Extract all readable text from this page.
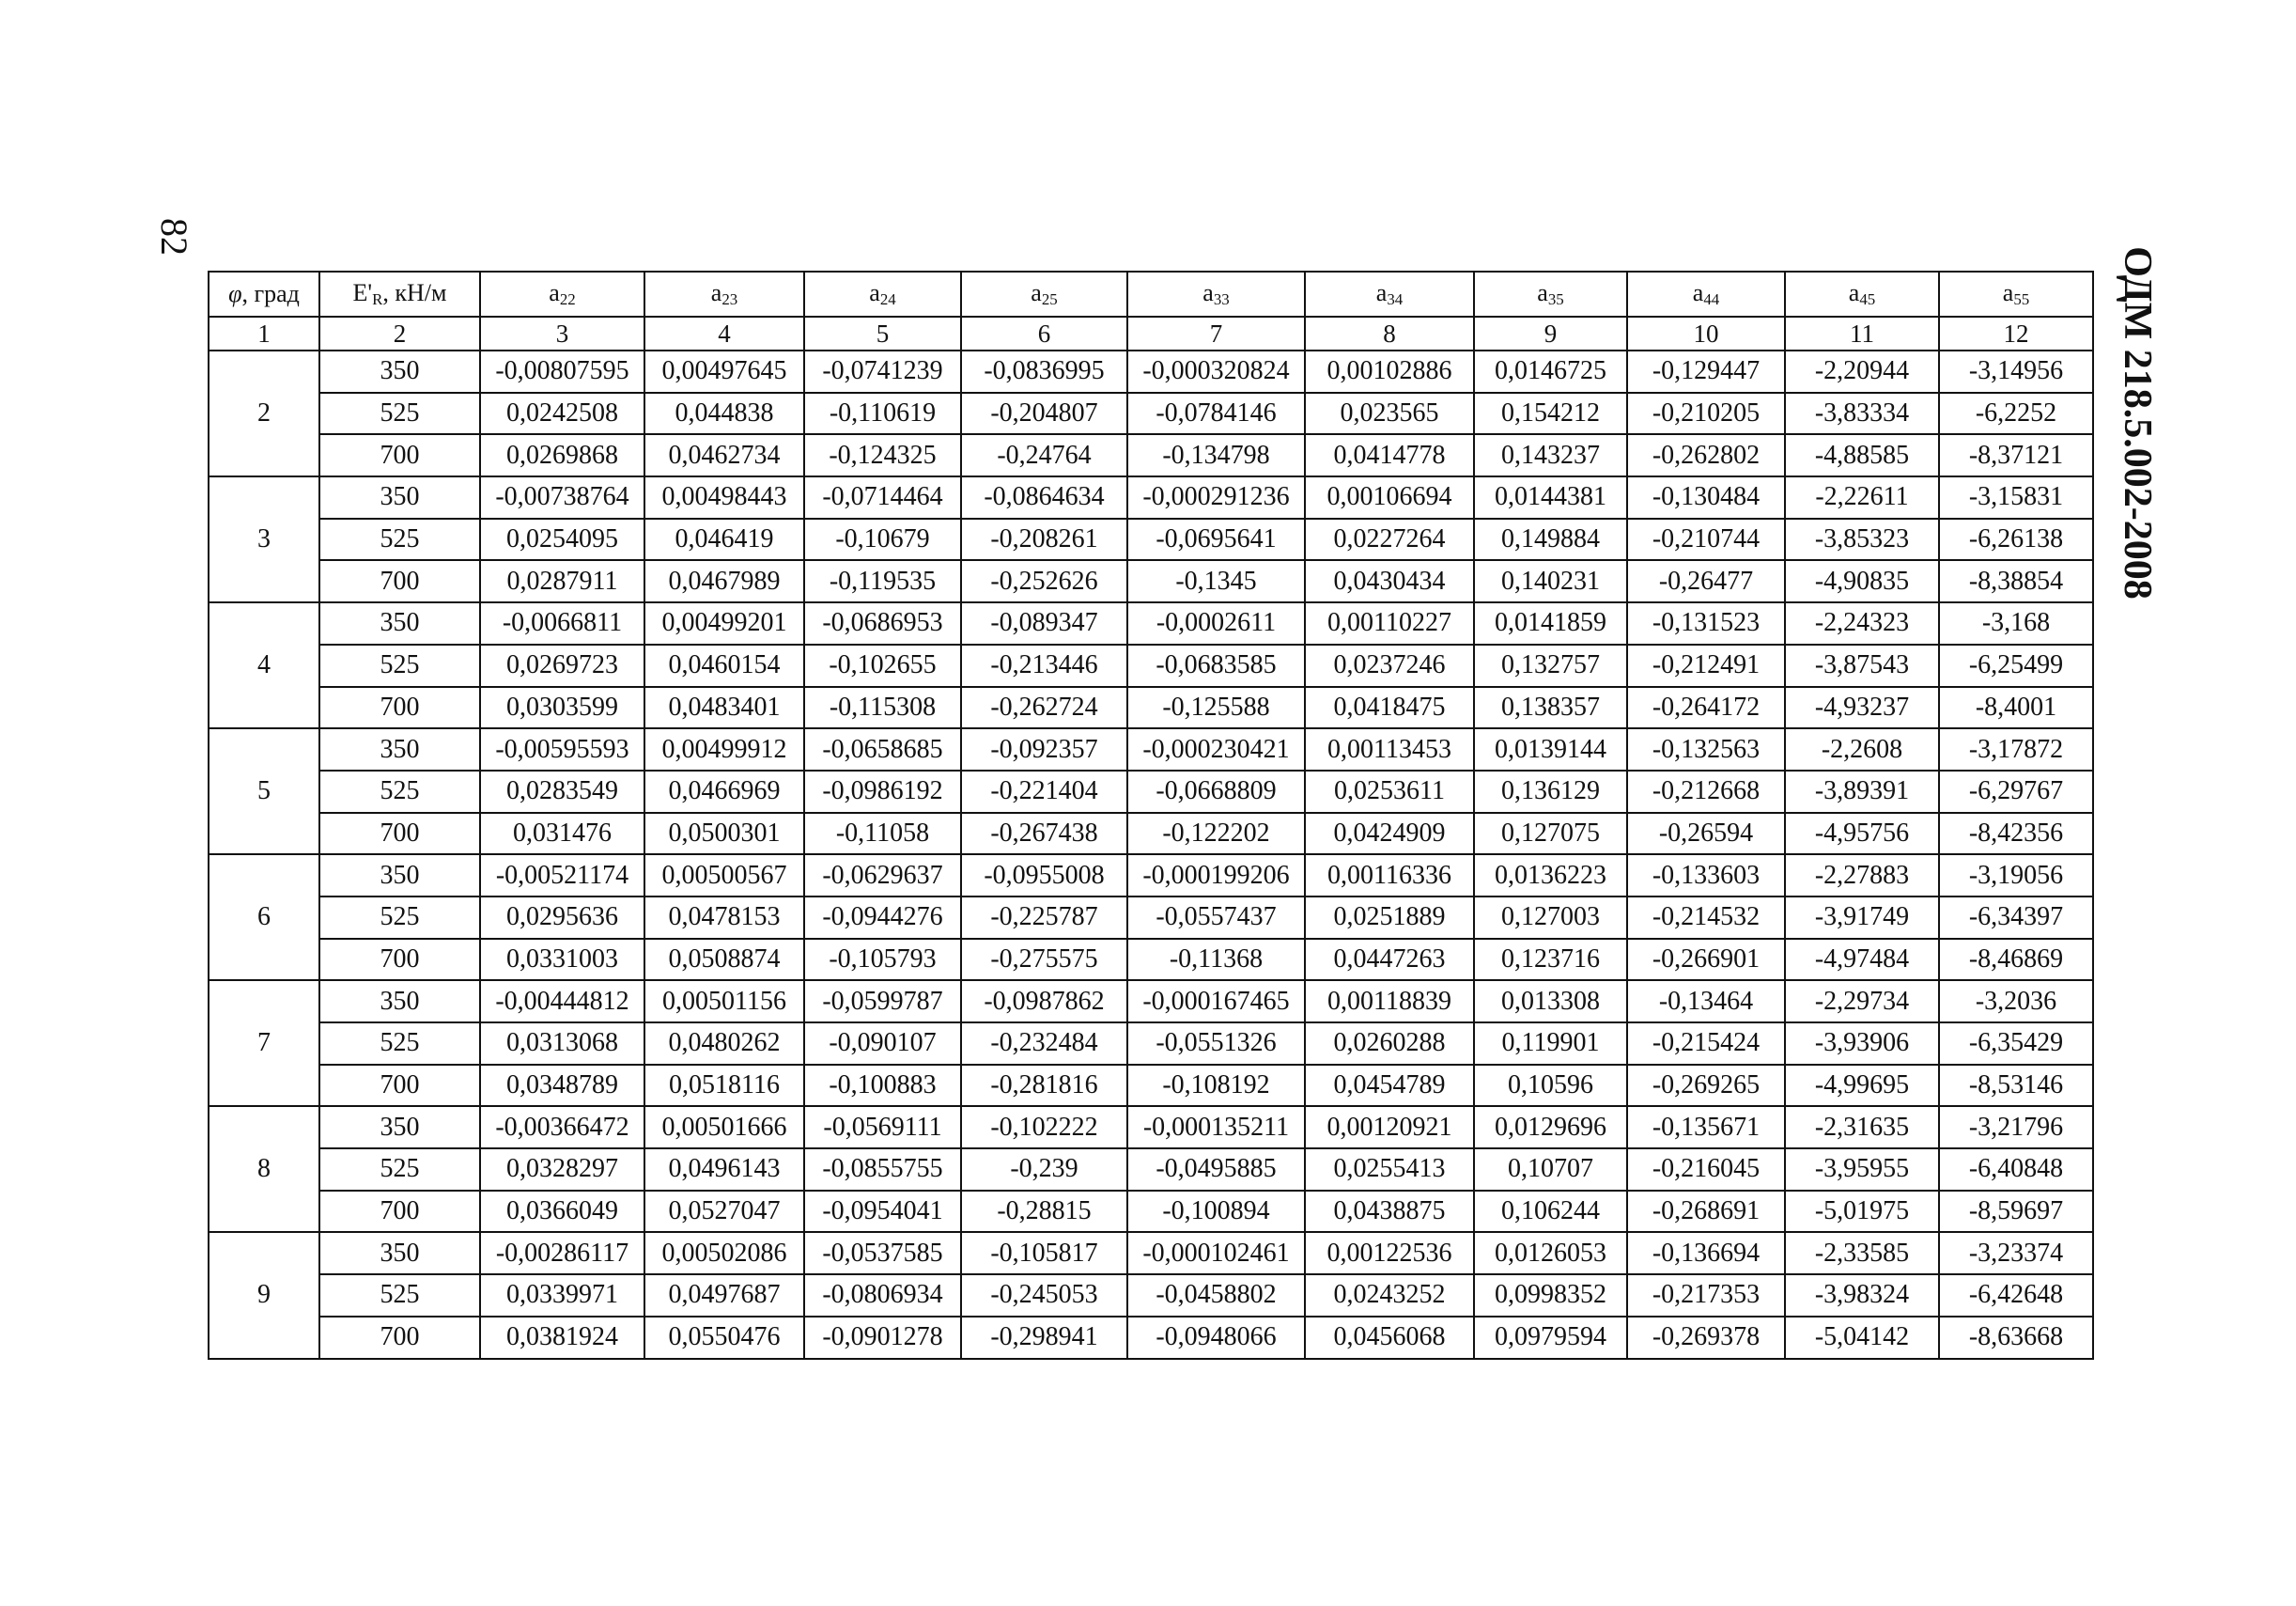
82
ОДМ 218.5.002-2008
φ, град	$E'_R$, кН/м	$a_{22}$	$a_{23}$	$a_{24}$	$a_{25}$	$a_{33}$	$a_{34}$	$a_{35}$	$a_{44}$	$a_{45}$	$a_{55}$
1	2	3	4	5	6	7	8	9	10	11	12
2	350	-0,00807595	0,00497645	-0,0741239	-0,0836995	-0,000320824	0,00102886	0,0146725	-0,129447	-2,20944	-3,14956
	525	0,0242508	0,044838	-0,110619	-0,204807	-0,0784146	0,023565	0,154212	-0,210205	-3,83334	-6,2252
	700	0,0269868	0,0462734	-0,124325	-0,24764	-0,134798	0,0414778	0,143237	-0,262802	-4,88585	-8,37121
3	350	-0,00738764	0,00498443	-0,0714464	-0,0864634	-0,000291236	0,00106694	0,0144381	-0,130484	-2,22611	-3,15831
	525	0,0254095	0,046419	-0,10679	-0,208261	-0,0695641	0,0227264	0,149884	-0,210744	-3,85323	-6,26138
	700	0,0287911	0,0467989	-0,119535	-0,252626	-0,1345	0,0430434	0,140231	-0,26477	-4,90835	-8,38854
4	350	-0,0066811	0,00499201	-0,0686953	-0,089347	-0,0002611	0,00110227	0,0141859	-0,131523	-2,24323	-3,168
	525	0,0269723	0,0460154	-0,102655	-0,213446	-0,0683585	0,0237246	0,132757	-0,212491	-3,87543	-6,25499
	700	0,0303599	0,0483401	-0,115308	-0,262724	-0,125588	0,0418475	0,138357	-0,264172	-4,93237	-8,4001
5	350	-0,00595593	0,00499912	-0,0658685	-0,092357	-0,000230421	0,00113453	0,0139144	-0,132563	-2,2608	-3,17872
	525	0,0283549	0,0466969	-0,0986192	-0,221404	-0,0668809	0,0253611	0,136129	-0,212668	-3,89391	-6,29767
	700	0,031476	0,0500301	-0,11058	-0,267438	-0,122202	0,0424909	0,127075	-0,26594	-4,95756	-8,42356
6	350	-0,00521174	0,00500567	-0,0629637	-0,0955008	-0,000199206	0,00116336	0,0136223	-0,133603	-2,27883	-3,19056
	525	0,0295636	0,0478153	-0,0944276	-0,225787	-0,0557437	0,0251889	0,127003	-0,214532	-3,91749	-6,34397
	700	0,0331003	0,0508874	-0,105793	-0,275575	-0,11368	0,0447263	0,123716	-0,266901	-4,97484	-8,46869
7	350	-0,00444812	0,00501156	-0,0599787	-0,0987862	-0,000167465	0,00118839	0,013308	-0,13464	-2,29734	-3,2036
	525	0,0313068	0,0480262	-0,090107	-0,232484	-0,0551326	0,0260288	0,119901	-0,215424	-3,93906	-6,35429
	700	0,0348789	0,0518116	-0,100883	-0,281816	-0,108192	0,0454789	0,10596	-0,269265	-4,99695	-8,53146
8	350	-0,00366472	0,00501666	-0,0569111	-0,102222	-0,000135211	0,00120921	0,0129696	-0,135671	-2,31635	-3,21796
	525	0,0328297	0,0496143	-0,0855755	-0,239	-0,0495885	0,0255413	0,10707	-0,216045	-3,95955	-6,40848
	700	0,0366049	0,0527047	-0,0954041	-0,28815	-0,100894	0,0438875	0,106244	-0,268691	-5,01975	-8,59697
9	350	-0,00286117	0,00502086	-0,0537585	-0,105817	-0,000102461	0,00122536	0,0126053	-0,136694	-2,33585	-3,23374
	525	0,0339971	0,0497687	-0,0806934	-0,245053	-0,0458802	0,0243252	0,0998352	-0,217353	-3,98324	-6,42648
	700	0,0381924	0,0550476	-0,0901278	-0,298941	-0,0948066	0,0456068	0,0979594	-0,269378	-5,04142	-8,63668
